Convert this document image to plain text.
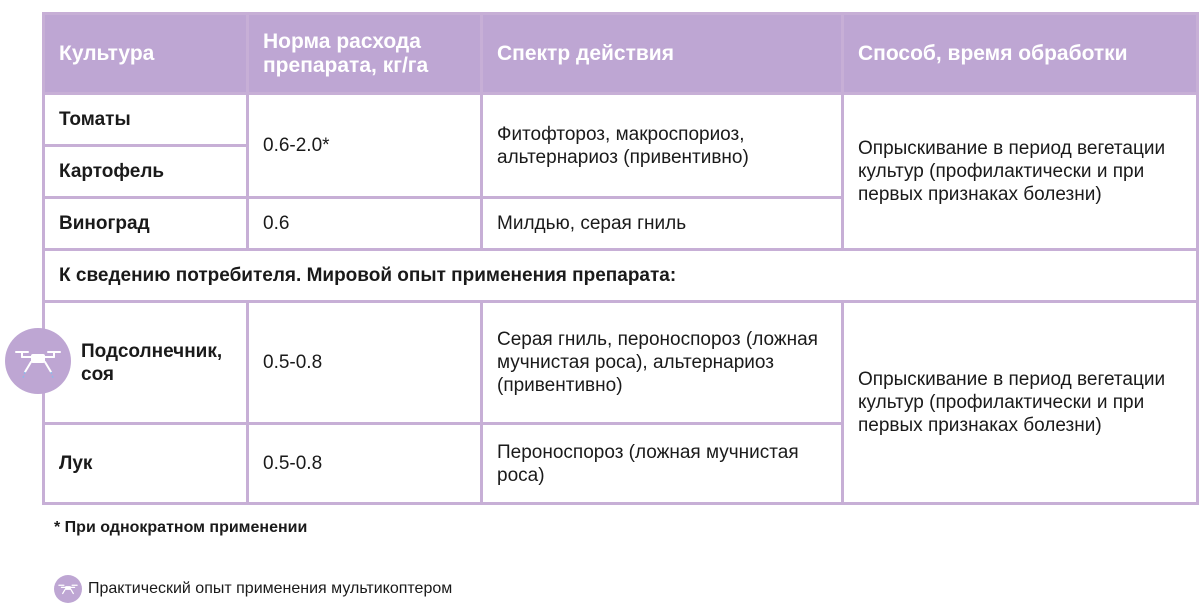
Культура	Норма расхода препарата, кг/га	Спектр действия	Способ, время обработки
Томаты	0.6-2.0*	Фитофтороз, макроспориоз, альтернариоз (привентивно)	Опрыскивание в период вегетации культур (профилактически и при первых признаках болезни)
Картофель			
Виноград	0.6	Милдью, серая гниль	
К сведению потребителя. Мировой опыт применения препарата:			
Подсолнечник, соя	0.5-0.8	Серая гниль, пероноспороз (ложная мучнистая роса), альтернариоз (привентивно)	Опрыскивание в период вегетации культур (профилактически и при первых признаках болезни)
Лук	0.5-0.8	Пероноспороз (ложная мучнистая роса)	
* При однократном применении
Практический опыт применения мультикоптером
